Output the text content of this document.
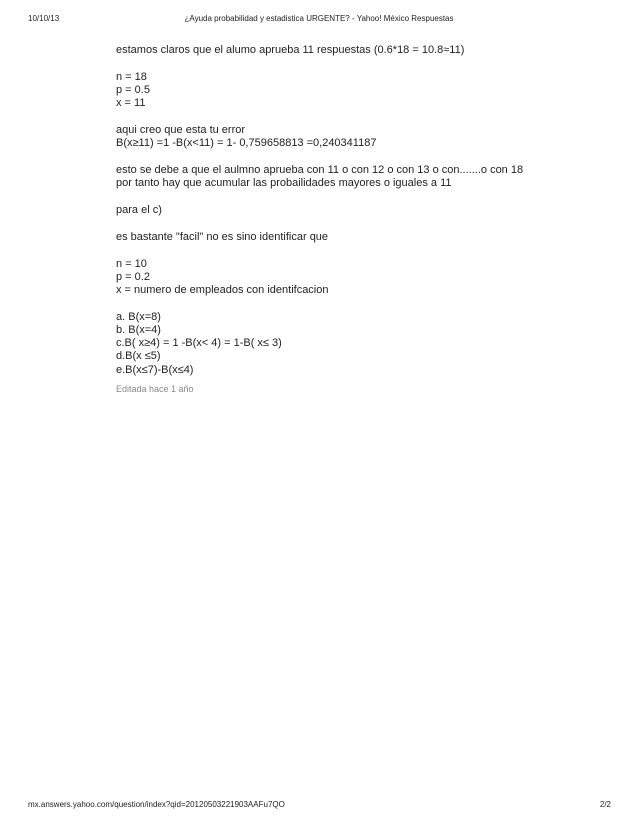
10/10/13	¿Ayuda probabilidad y estadistica URGENTE? - Yahoo! México Respuestas
estamos claros que el alumo aprueba 11 respuestas (0.6*18 = 10.8≈11)
n = 18
p = 0.5
x = 11
aqui creo que esta tu error
B(x≥11) =1 -B(x<11) = 1- 0,759658813 =0,240341187
esto se debe a que el aulmno aprueba con 11 o con 12 o con 13 o con.......o con 18
por tanto hay que acumular las probailidades mayores o iguales a 11
para el c)
es bastante "facil" no es sino identificar que
n = 10
p = 0.2
x = numero de empleados con identifcacion
a. B(x=8)
b. B(x=4)
c.B( x≥4) = 1 -B(x< 4) = 1-B( x≤ 3)
d.B(x ≤5)
e.B(x≤7)-B(x≤4)
Editada hace 1 año
mx.answers.yahoo.com/question/index?qid=20120503221903AAFu7QO	2/2
